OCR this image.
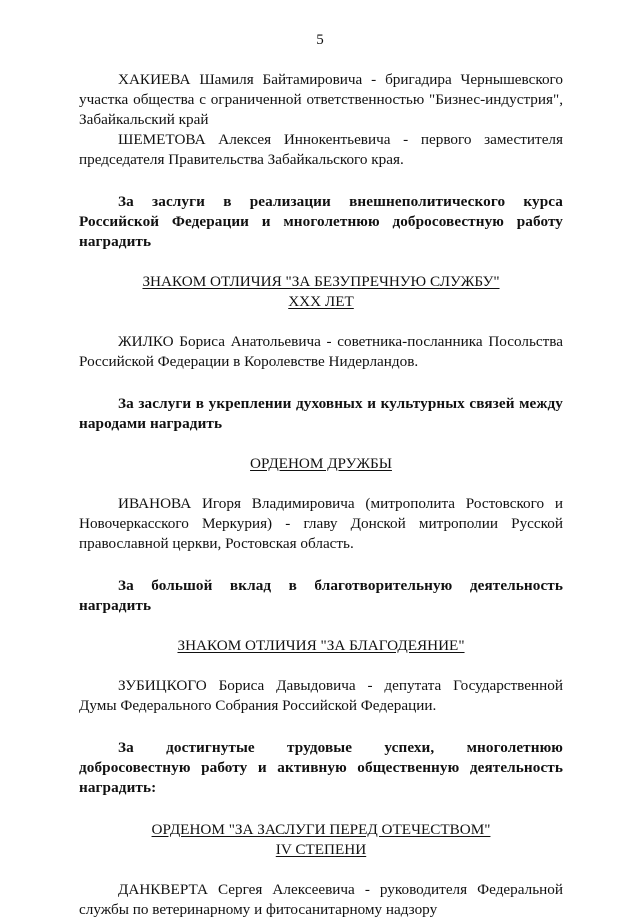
5

ХАКИЕВА Шамиля Байтамировича - бригадира Чернышевского участка общества с ограниченной ответственностью "Бизнес-индустрия", Забайкальский край

ШЕМЕТОВА Алексея Иннокентьевича - первого заместителя председателя Правительства Забайкальского края.

За заслуги в реализации внешнеполитического курса Российской Федерации и многолетнюю добросовестную работу наградить

ЗНАКОМ ОТЛИЧИЯ "ЗА БЕЗУПРЕЧНУЮ СЛУЖБУ"
XXX ЛЕТ

ЖИЛКО Бориса Анатольевича - советника-посланника Посольства Российской Федерации в Королевстве Нидерландов.

За заслуги в укреплении духовных и культурных связей между народами наградить

ОРДЕНОМ ДРУЖБЫ

ИВАНОВА Игоря Владимировича (митрополита Ростовского и Новочеркасского Меркурия) - главу Донской митрополии Русской православной церкви, Ростовская область.

За большой вклад в благотворительную деятельность наградить

ЗНАКОМ ОТЛИЧИЯ "ЗА БЛАГОДЕЯНИЕ"

ЗУБИЦКОГО Бориса Давыдовича - депутата Государственной Думы Федерального Собрания Российской Федерации.

За достигнутые трудовые успехи, многолетнюю добросовестную работу и активную общественную деятельность наградить:

ОРДЕНОМ "ЗА ЗАСЛУГИ ПЕРЕД ОТЕЧЕСТВОМ"
IV СТЕПЕНИ

ДАНКВЕРТА Сергея Алексеевича - руководителя Федеральной службы по ветеринарному и фитосанитарному надзору
